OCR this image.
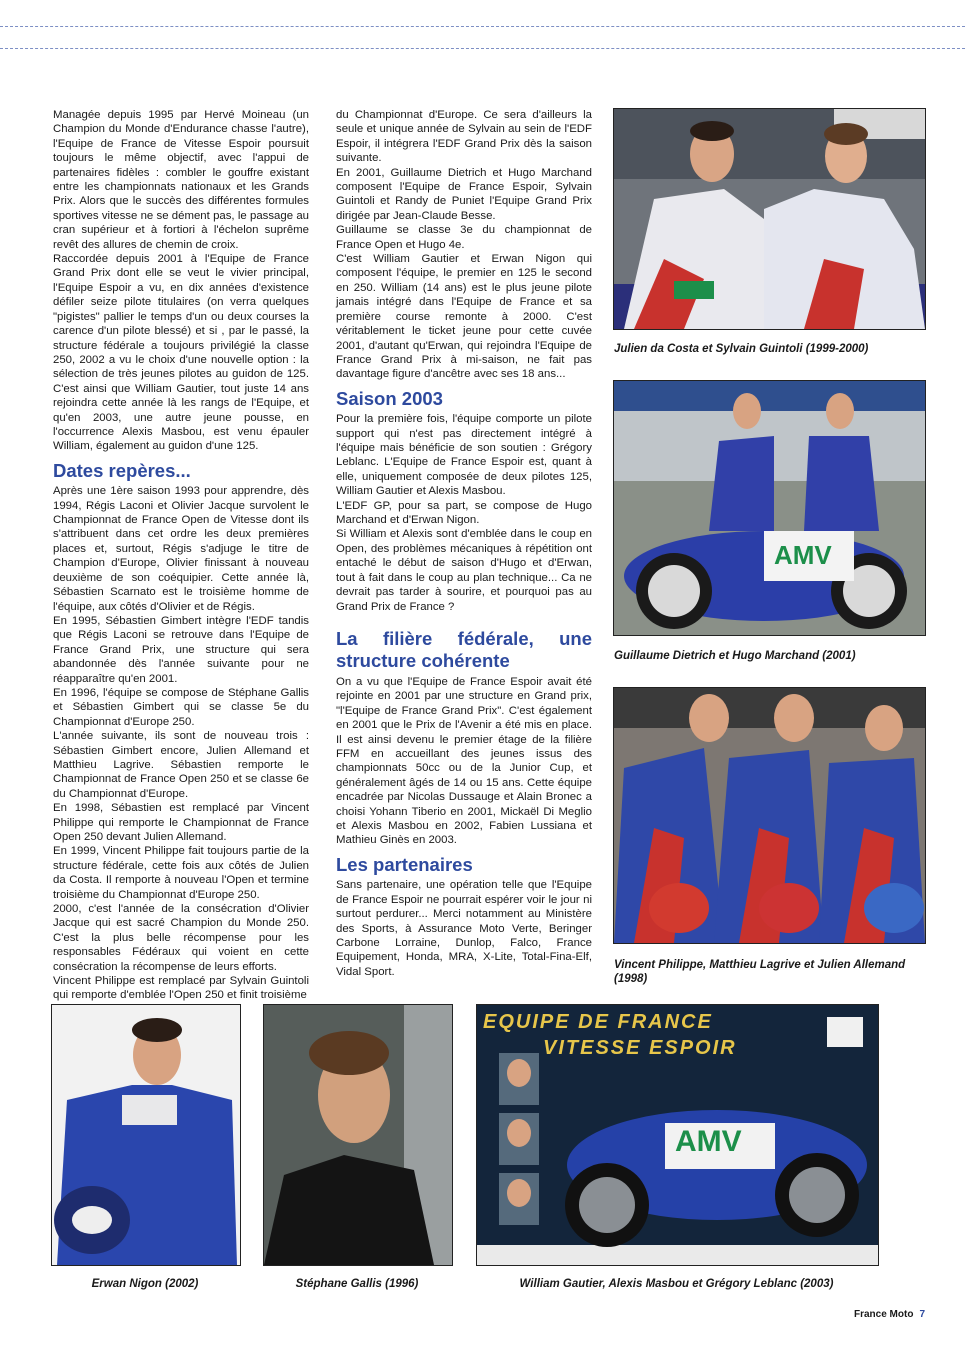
Managée depuis 1995 par Hervé Moineau (un Champion du Monde d'Endurance chasse l'autre), l'Equipe de France de Vitesse Espoir poursuit toujours le même objectif, avec l'appui de partenaires fidèles : combler le gouffre existant entre les championnats nationaux et les Grands Prix. Alors que le succès des différentes formules sportives vitesse ne se dément pas, le passage au cran supérieur et à fortiori à l'échelon suprême revêt des allures de chemin de croix.

Raccordée depuis 2001 à l'Equipe de France Grand Prix dont elle se veut le vivier principal, l'Equipe Espoir a vu, en dix années d'existence défiler seize pilote titulaires (on verra quelques "pigistes" pallier le temps d'un ou deux courses la carence d'un pilote blessé) et si , par le passé, la structure fédérale a toujours privilégié la classe 250, 2002 a vu le choix d'une nouvelle option : la sélection de très jeunes pilotes au guidon de 125. C'est ainsi que William Gautier, tout juste 14 ans rejoindra cette année là les rangs de l'Equipe, et qu'en 2003, une autre jeune pousse, en l'occurrence Alexis Masbou, est venu épauler William, également au guidon d'une 125.

Dates repères...

Après une 1ère saison 1993 pour apprendre, dès 1994, Régis Laconi et Olivier Jacque survolent le Championnat de France Open de Vitesse dont ils s'attribuent dans cet ordre les deux premières places et, surtout, Régis s'adjuge le titre de Champion d'Europe, Olivier finissant à nouveau deuxième de son coéquipier. Cette année là, Sébastien Scarnato est le troisième homme de l'équipe, aux côtés d'Olivier et de Régis.

En 1995, Sébastien Gimbert intègre l'EDF tandis que Régis Laconi se retrouve dans l'Equipe de France Grand Prix, une structure qui sera abandonnée dès l'année suivante pour ne réapparaître qu'en 2001.

En 1996, l'équipe se compose de Stéphane Gallis et Sébastien Gimbert qui se classe 5e du Championnat d'Europe 250.

L'année suivante, ils sont de nouveau trois : Sébastien Gimbert encore, Julien Allemand et Matthieu Lagrive. Sébastien remporte le Championnat de France Open 250 et se classe 6e du Championnat d'Europe.

En 1998, Sébastien est remplacé par Vincent Philippe qui remporte le Championnat de France Open 250 devant Julien Allemand.

En 1999, Vincent Philippe fait toujours partie de la structure fédérale, cette fois aux côtés de Julien da Costa. Il remporte à nouveau l'Open et termine troisième du Championnat d'Europe 250.

2000, c'est l'année de la consécration d'Olivier Jacque qui est sacré Champion du Monde 250. C'est la plus belle récompense pour les responsables Fédéraux qui voient en cette consécration la récompense de leurs efforts.

Vincent Philippe est remplacé par Sylvain Guintoli qui remporte d'emblée l'Open 250 et finit troisième

du Championnat d'Europe. Ce sera d'ailleurs la seule et unique année de Sylvain au sein de l'EDF Espoir, il intégrera l'EDF Grand Prix dès la saison suivante.

En 2001, Guillaume Dietrich et Hugo Marchand composent l'Equipe de France Espoir, Sylvain Guintoli et Randy de Puniet l'Equipe Grand Prix dirigée par Jean-Claude Besse.

Guillaume se classe 3e du championnat de France Open et Hugo 4e.

C'est William Gautier et Erwan Nigon qui composent l'équipe, le premier en 125 le second en 250. William (14 ans) est le plus jeune pilote jamais intégré dans l'Equipe de France et sa première course remonte à 2000. C'est véritablement le ticket jeune pour cette cuvée 2001, d'autant qu'Erwan, qui rejoindra l'Equipe de France Grand Prix à mi-saison, ne fait pas davantage figure d'ancêtre avec ses 18 ans...

Saison 2003

Pour la première fois, l'équipe comporte un pilote support qui n'est pas directement intégré à l'équipe mais bénéficie de son soutien : Grégory Leblanc. L'Equipe de France Espoir est, quant à elle, uniquement composée de deux pilotes 125, William Gautier et Alexis Masbou.

L'EDF GP, pour sa part, se compose de Hugo Marchand et d'Erwan Nigon.

Si William et Alexis sont d'emblée dans le coup en Open, des problèmes mécaniques à répétition ont entaché le début de saison d'Hugo et d'Erwan, tout à fait dans le coup au plan technique... Ca ne devrait pas tarder à sourire, et pourquoi pas au Grand Prix de France ?

La filière fédérale, une structure cohérente

On a vu que l'Equipe de France Espoir avait été rejointe en 2001 par une structure en Grand prix, "l'Equipe de France Grand Prix". C'est également en 2001 que le Prix de l'Avenir a été mis en place. Il est ainsi devenu le premier étage de la filière FFM en accueillant des jeunes issus des championnats 50cc ou de la Junior Cup, et généralement âgés de 14 ou 15 ans. Cette équipe encadrée par Nicolas Dussauge et Alain Bronec a choisi Yohann Tiberio en 2001, Mickaël Di Meglio et Alexis Masbou en 2002, Fabien Lussiana et Mathieu Ginès en 2003.

Les partenaires

Sans partenaire, une opération telle que l'Equipe de France Espoir ne pourrait espérer voir le jour ni surtout perdurer... Merci notamment au Ministère des Sports, à Assurance Moto Verte, Beringer Carbone Lorraine, Dunlop, Falco, France Equipement, Honda, MRA, X-Lite, Total-Fina-Elf, Vidal Sport.

Julien da Costa et Sylvain Guintoli (1999-2000)
AMV
Guillaume Dietrich et Hugo Marchand (2001)
Vincent Philippe, Matthieu Lagrive et Julien Allemand (1998)
Erwan Nigon (2002)	Stéphane Gallis (1996)
EQUIPE DE FRANCE
VITESSE ESPOIR
AMV
William Gautier, Alexis Masbou et Grégory Leblanc (2003)
France Moto 7
